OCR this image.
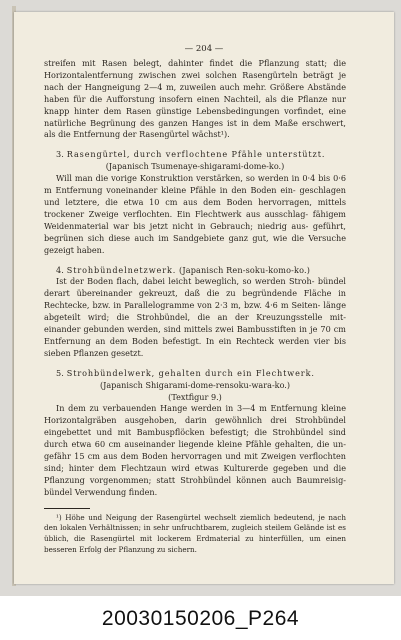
— 204 —

streifen mit Rasen belegt, dahinter findet die Pflanzung statt; die Horizontalentfernung zwischen zwei solchen Rasengürteln beträgt je nach der Hangneigung 2—4 m, zuweilen auch mehr. Größere Abstände haben für die Aufforstung insofern einen Nachteil, als die Pflanze nur knapp hinter dem Rasen günstige Lebensbedingungen vorfindet, eine natürliche Begrünung des ganzen Hanges ist in dem Maße erschwert, als die Entfernung der Rasengürtel wächst¹).

3. Rasengürtel, durch verflochtene Pfähle unterstützt.

(Japanisch Tsumenaye-shigarami-dome-ko.)

Will man die vorige Konstruktion verstärken, so werden in 0·4 bis 0·6 m Entfernung voneinander kleine Pfähle in den Boden ein- geschlagen und letztere, die etwa 10 cm aus dem Boden hervorragen, mittels trockener Zweige verflochten. Ein Flechtwerk aus ausschlag- fähigem Weidenmaterial war bis jetzt nicht in Gebrauch; niedrig aus- geführt, begrünen sich diese auch im Sandgebiete ganz gut, wie die Versuche gezeigt haben.

4. Strohbündelnetzwerk. (Japanisch Ren-soku-komo-ko.)

Ist der Boden flach, dabei leicht beweglich, so werden Stroh- bündel derart übereinander gekreuzt, daß die zu begründende Fläche in Rechtecke, bzw. in Parallelogramme von 2·3 m, bzw. 4·6 m Seiten- länge abgeteilt wird; die Strohbündel, die an der Kreuzungsstelle mit- einander gebunden werden, sind mittels zwei Bambusstiften in je 70 cm Entfernung an dem Boden befestigt. In ein Rechteck werden vier bis sieben Pflanzen gesetzt.

5. Strohbündelwerk, gehalten durch ein Flechtwerk.

(Japanisch Shigarami-dome-rensoku-wara-ko.)

(Textfigur 9.)

In dem zu verbauenden Hange werden in 3—4 m Entfernung kleine Horizontalgräben ausgehoben, darin gewöhnlich drei Strohbündel eingebettet und mit Bambuspflöcken befestigt; die Strohbündel sind durch etwa 60 cm auseinander liegende kleine Pfähle gehalten, die un- gefähr 15 cm aus dem Boden hervorragen und mit Zweigen verflochten sind; hinter dem Flechtzaun wird etwas Kulturerde gegeben und die Pflanzung vorgenommen; statt Strohbündel können auch Baumreisig- bündel Verwendung finden.

¹) Höhe und Neigung der Rasengürtel wechselt ziemlich bedeutend, je nach den lokalen Verhältnissen; in sehr unfruchtbarem, zugleich steilem Gelände ist es üblich, die Rasengürtel mit lockerem Erdmaterial zu hinterfüllen, um einen besseren Erfolg der Pflanzung zu sichern.

20030150206_P264
